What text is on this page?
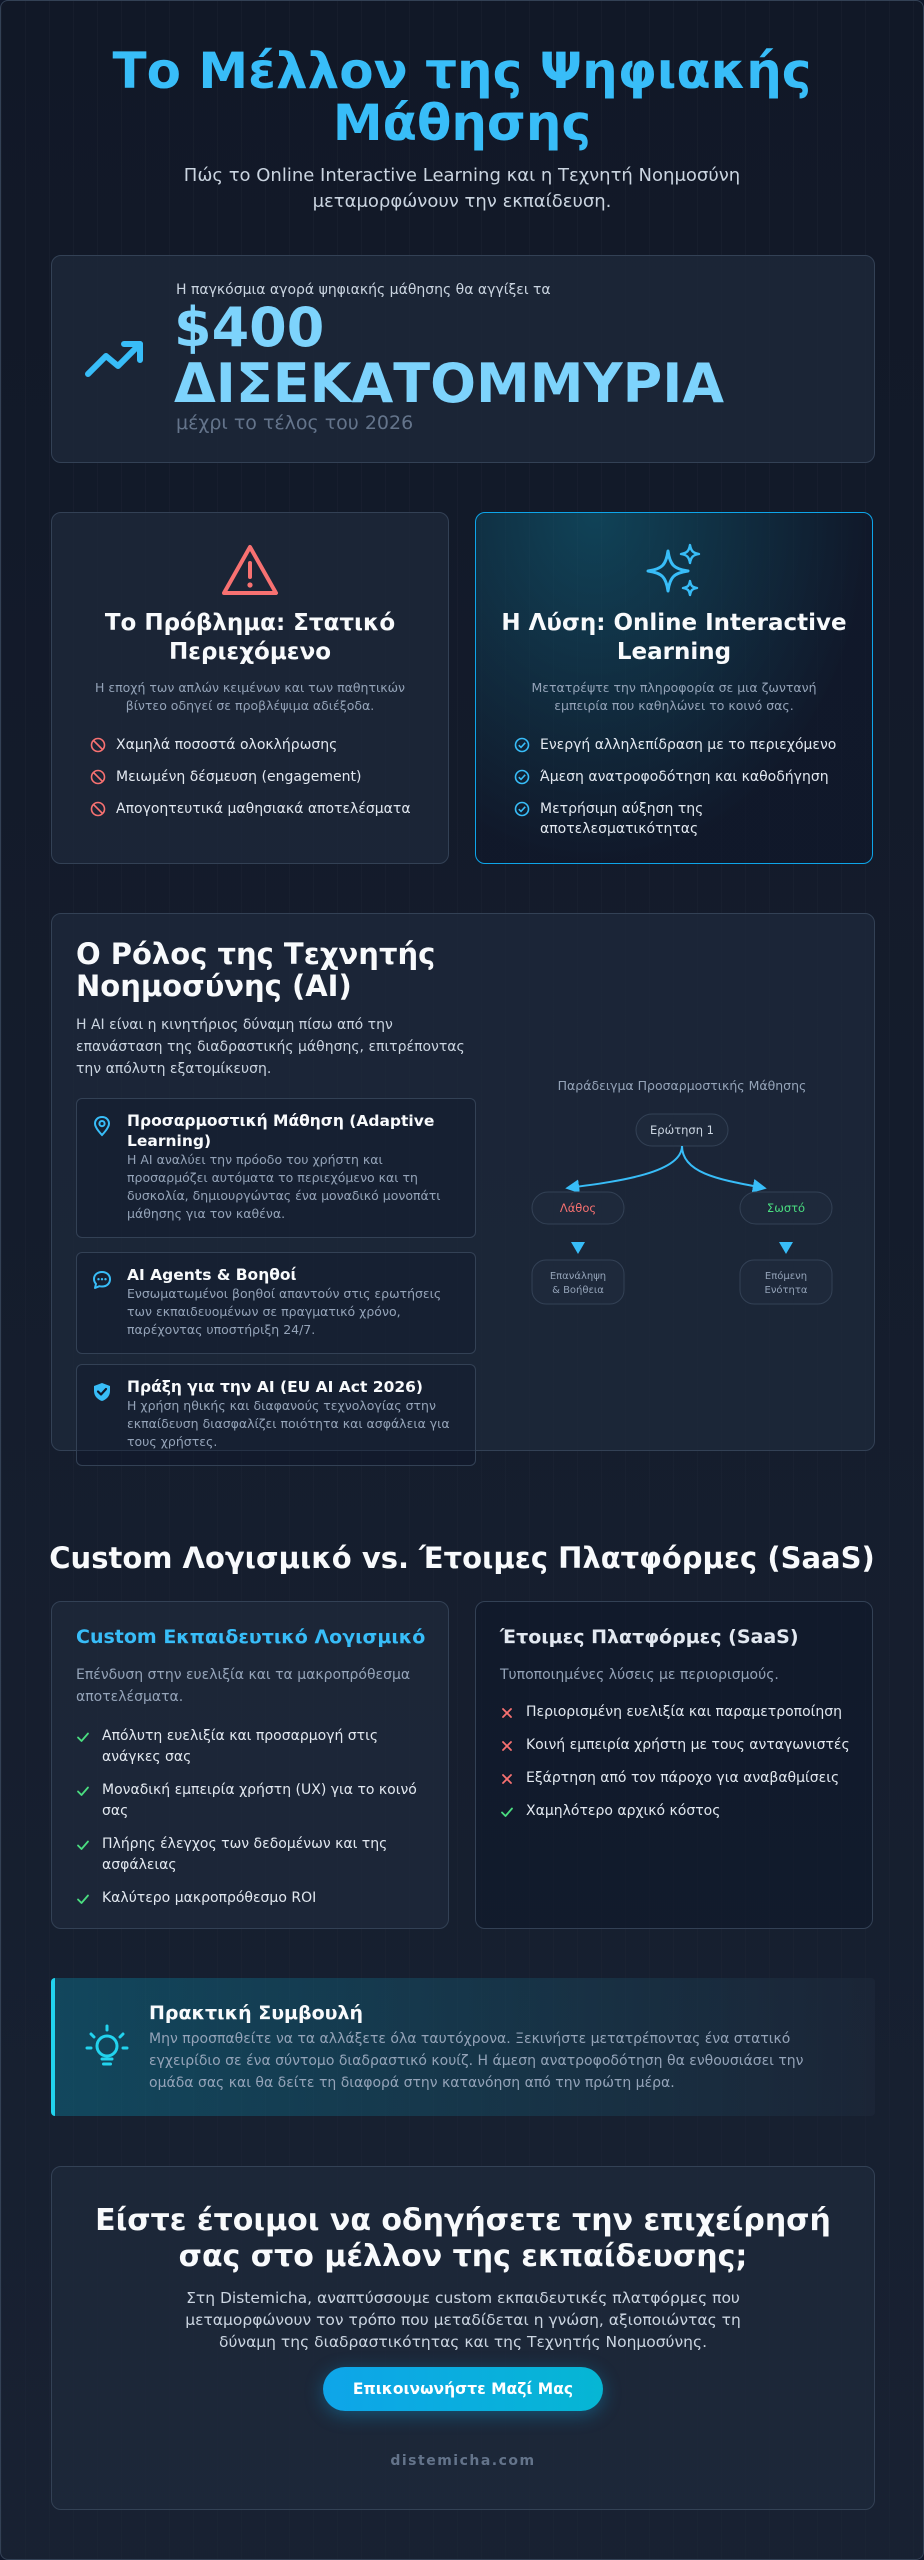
Το Μέλλον της Ψηφιακής Μάθησης

Πώς το Online Interactive Learning και η Τεχνητή Νοημοσύνη μεταμορφώνουν την εκπαίδευση.

Η παγκόσμια αγορά ψηφιακής μάθησης θα αγγίξει τα
$400 ΔΙΣΕΚΑΤΟΜΜΥΡΙΑ
μέχρι το τέλος του 2026
Το Πρόβλημα: Στατικό Περιεχόμενο

Η εποχή των απλών κειμένων και των παθητικών βίντεο οδηγεί σε προβλέψιμα αδιέξοδα.

Χαμηλά ποσοστά ολοκλήρωσης
Μειωμένη δέσμευση (engagement)
Απογοητευτικά μαθησιακά αποτελέσματα
Η Λύση: Online Interactive Learning

Μετατρέψτε την πληροφορία σε μια ζωντανή εμπειρία που καθηλώνει το κοινό σας.

Ενεργή αλληλεπίδραση με το περιεχόμενο
Άμεση ανατροφοδότηση και καθοδήγηση
Μετρήσιμη αύξηση της αποτελεσματικότητας
Ο Ρόλος της Τεχνητής Νοημοσύνης (AI)

Η AI είναι η κινητήριος δύναμη πίσω από την επανάσταση της διαδραστικής μάθησης, επιτρέποντας την απόλυτη εξατομίκευση.

Προσαρμοστική Μάθηση (Adaptive Learning)
Η AI αναλύει την πρόοδο του χρήστη και προσαρμόζει αυτόματα το περιεχόμενο και τη δυσκολία, δημιουργώντας ένα μοναδικό μονοπάτι μάθησης για τον καθένα.
AI Agents & Βοηθοί
Ενσωματωμένοι βοηθοί απαντούν στις ερωτήσεις των εκπαιδευομένων σε πραγματικό χρόνο, παρέχοντας υποστήριξη 24/7.
Πράξη για την AI (EU AI Act 2026)
Η χρήση ηθικής και διαφανούς τεχνολογίας στην εκπαίδευση διασφαλίζει ποιότητα και ασφάλεια για τους χρήστες.
Παράδειγμα Προσαρμοστικής Μάθησης
Ερώτηση 1
Λάθος	Σωστό
Επανάληψη
& Βοήθεια
Επόμενη
Ενότητα
Custom Λογισμικό vs. Έτοιμες Πλατφόρμες (SaaS)
Custom Εκπαιδευτικό Λογισμικό

Επένδυση στην ευελιξία και τα μακροπρόθεσμα αποτελέσματα.

Απόλυτη ευελιξία και προσαρμογή στις ανάγκες σας
Μοναδική εμπειρία χρήστη (UX) για το κοινό σας
Πλήρης έλεγχος των δεδομένων και της ασφάλειας
Καλύτερο μακροπρόθεσμο ROI
Έτοιμες Πλατφόρμες (SaaS)

Τυποποιημένες λύσεις με περιορισμούς.

Περιορισμένη ευελιξία και παραμετροποίηση
Κοινή εμπειρία χρήστη με τους ανταγωνιστές
Εξάρτηση από τον πάροχο για αναβαθμίσεις
Χαμηλότερο αρχικό κόστος
Πρακτική Συμβουλή
Μην προσπαθείτε να τα αλλάξετε όλα ταυτόχρονα. Ξεκινήστε μετατρέποντας ένα στατικό εγχειρίδιο σε ένα σύντομο διαδραστικό κουίζ. Η άμεση ανατροφοδότηση θα ενθουσιάσει την ομάδα σας και θα δείτε τη διαφορά στην κατανόηση από την πρώτη μέρα.
Είστε έτοιμοι να οδηγήσετε την επιχείρησή σας στο μέλλον της εκπαίδευσης;

Στη Distemicha, αναπτύσσουμε custom εκπαιδευτικές πλατφόρμες που μεταμορφώνουν τον τρόπο που μεταδίδεται η γνώση, αξιοποιώντας τη δύναμη της διαδραστικότητας και της Τεχνητής Νοημοσύνης.

Επικοινωνήστε Μαζί Μας
distemicha.com
